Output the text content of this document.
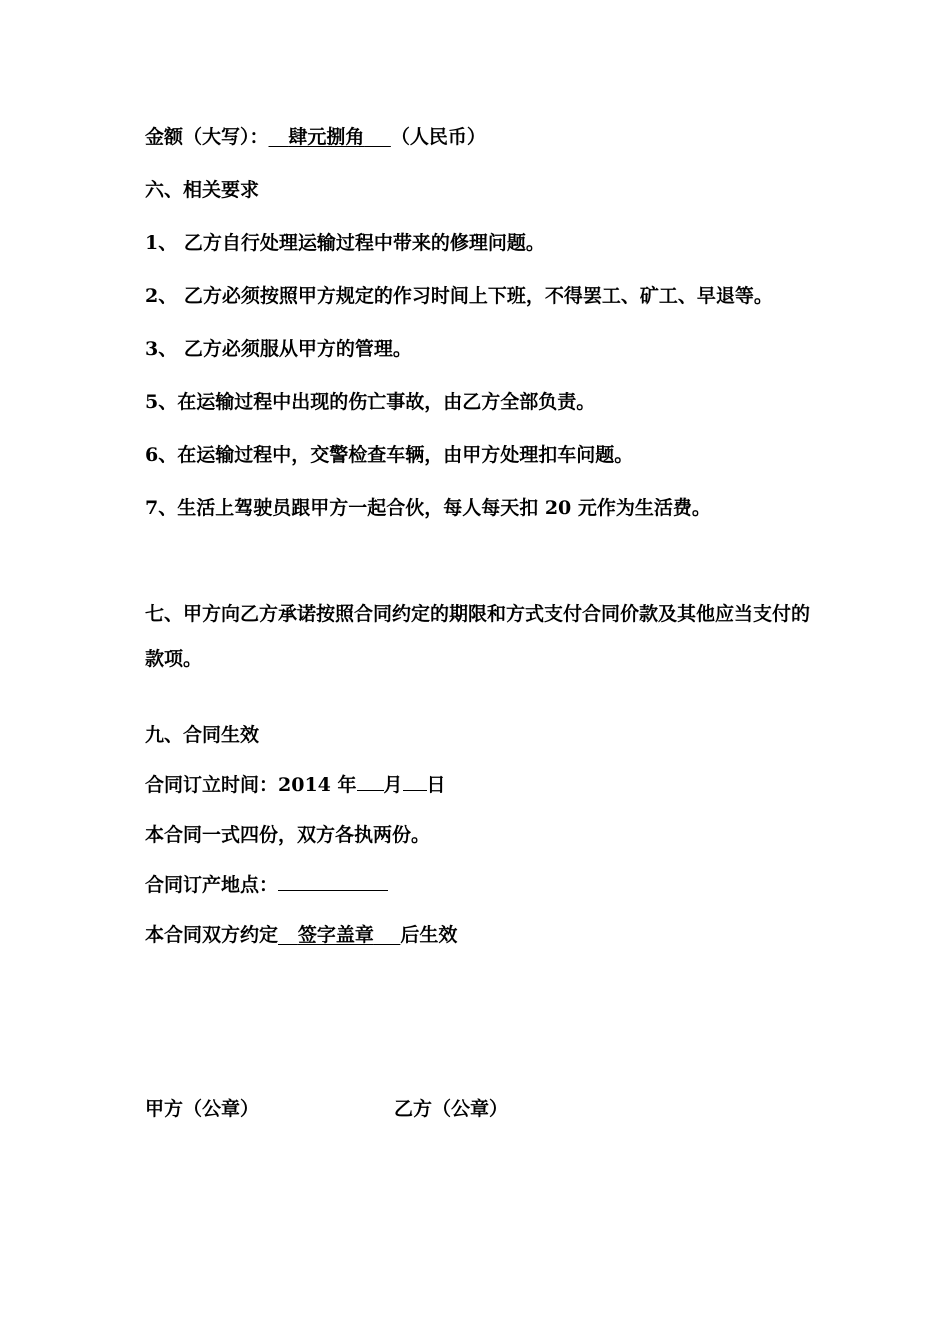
金额（大写）： 肆元捌角 （人民币）
六、相关要求
1、 乙方自行处理运输过程中带来的修理问题。
2、 乙方必须按照甲方规定的作习时间上下班，不得罢工、矿工、早退等。
3、 乙方必须服从甲方的管理。
5、在运输过程中出现的伤亡事故，由乙方全部负责。
6、在运输过程中，交警检查车辆，由甲方处理扣车问题。
7、生活上驾驶员跟甲方一起合伙，每人每天扣 20 元作为生活费。
七、甲方向乙方承诺按照合同约定的期限和方式支付合同价款及其他应当支付的
款项。
九、合同生效
合同订立时间：2014 年 月 日
本合同一式四份，双方各执两份。
合同订产地点：
本合同双方约定 签字盖章 后生效
甲方（公章）	乙方（公章）
